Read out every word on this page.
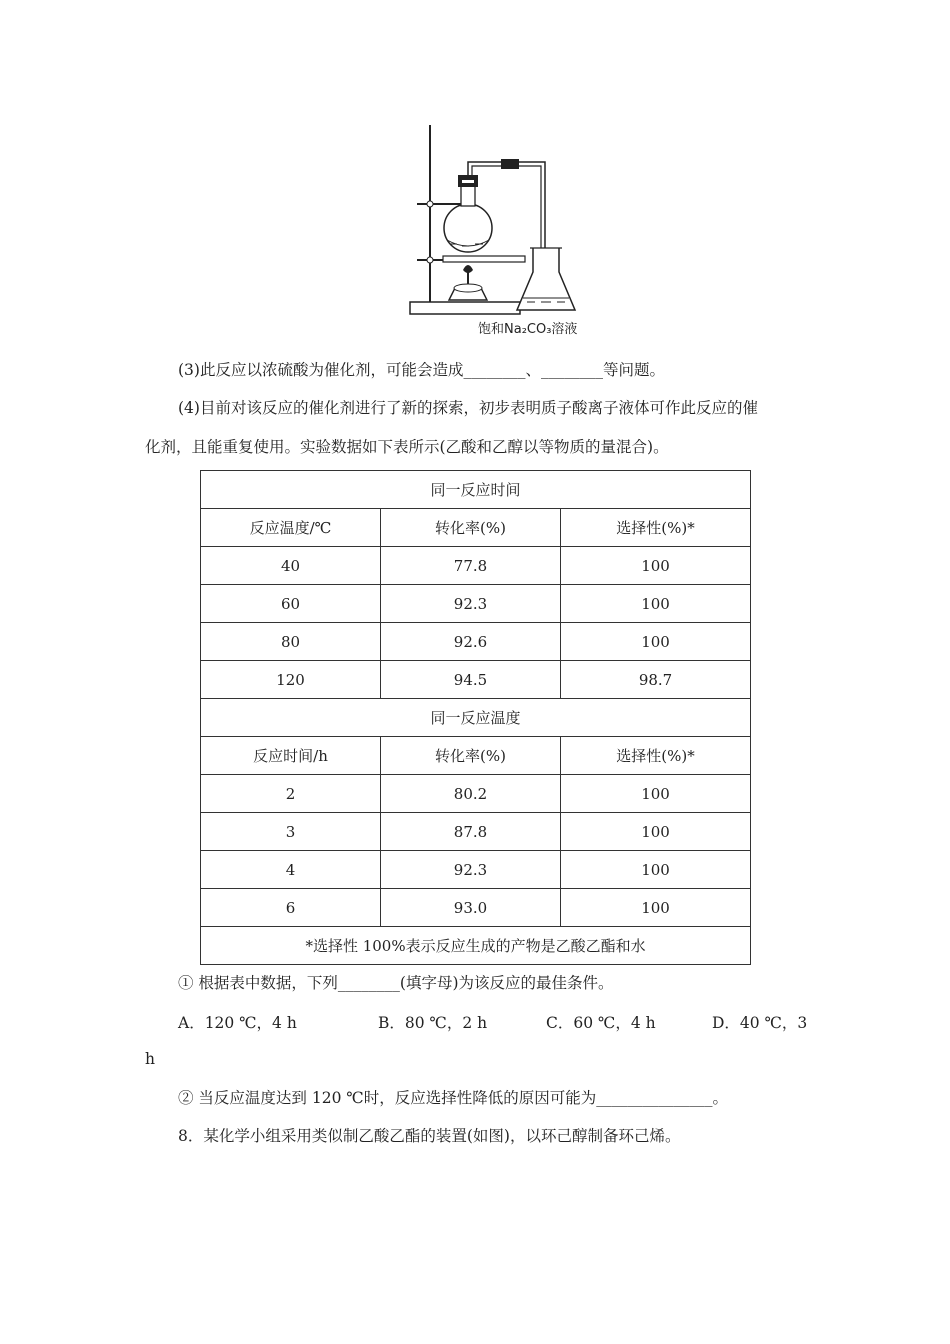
饱和Na₂CO₃溶液
(3)此反应以浓硫酸为催化剂，可能会造成________、________等问题。
(4)目前对该反应的催化剂进行了新的探索，初步表明质子酸离子液体可作此反应的催
化剂，且能重复使用。实验数据如下表所示(乙酸和乙醇以等物质的量混合)。
同一反应时间		
反应温度/℃	转化率(%)	选择性(%)*
40	77.8	100
60	92.3	100
80	92.6	100
120	94.5	98.7
同一反应温度		
反应时间/h	转化率(%)	选择性(%)*
2	80.2	100
3	87.8	100
4	92.3	100
6	93.0	100
*选择性 100%表示反应生成的产物是乙酸乙酯和水		
① 根据表中数据，下列________(填字母)为该反应的最佳条件。
A．120 ℃，4 h	B．80 ℃，2 h	C．60 ℃，4 h	D．40 ℃，3
h
② 当反应温度达到 120 ℃时，反应选择性降低的原因可能为_______________。
8．某化学小组采用类似制乙酸乙酯的装置(如图)，以环己醇制备环己烯。
